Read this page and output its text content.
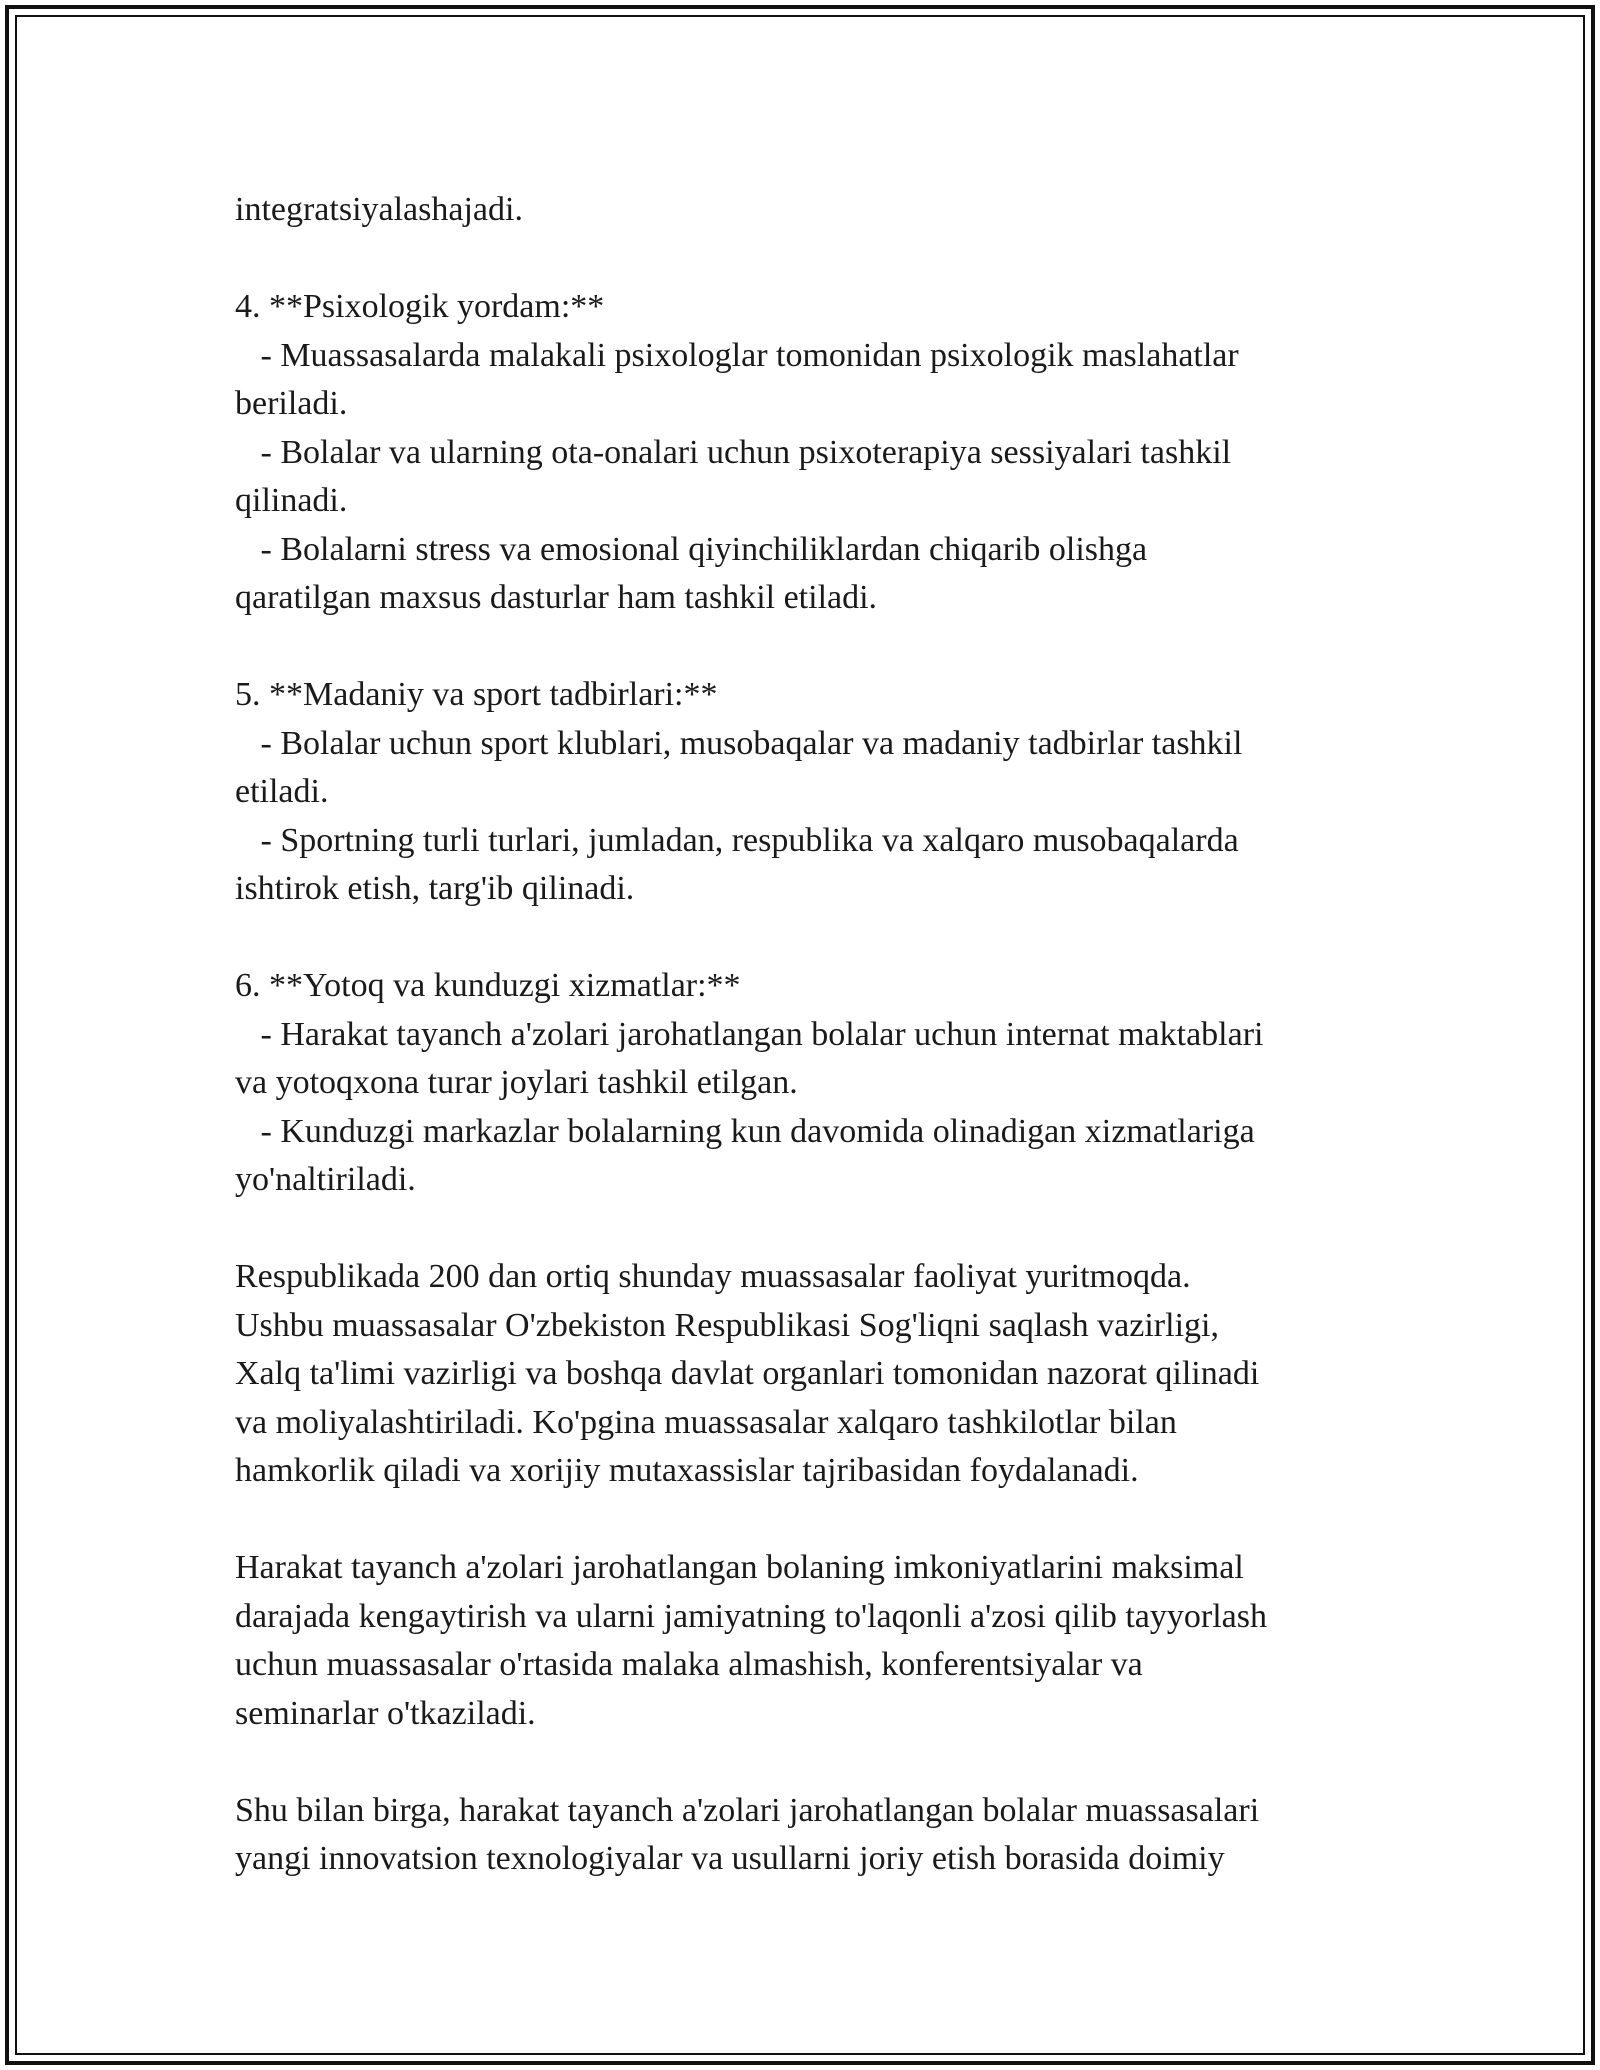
integratsiyalashajadi.
4. **Psixologik yordam:**
- Muassasalarda malakali psixologlar tomonidan psixologik maslahatlar
beriladi.
- Bolalar va ularning ota-onalari uchun psixoterapiya sessiyalari tashkil
qilinadi.
- Bolalarni stress va emosional qiyinchiliklardan chiqarib olishga
qaratilgan maxsus dasturlar ham tashkil etiladi.
5. **Madaniy va sport tadbirlari:**
- Bolalar uchun sport klublari, musobaqalar va madaniy tadbirlar tashkil
etiladi.
- Sportning turli turlari, jumladan, respublika va xalqaro musobaqalarda
ishtirok etish, targ'ib qilinadi.
6. **Yotoq va kunduzgi xizmatlar:**
- Harakat tayanch a'zolari jarohatlangan bolalar uchun internat maktablari
va yotoqxona turar joylari tashkil etilgan.
- Kunduzgi markazlar bolalarning kun davomida olinadigan xizmatlariga
yo'naltiriladi.
Respublikada 200 dan ortiq shunday muassasalar faoliyat yuritmoqda.
Ushbu muassasalar O'zbekiston Respublikasi Sog'liqni saqlash vazirligi,
Xalq ta'limi vazirligi va boshqa davlat organlari tomonidan nazorat qilinadi
va moliyalashtiriladi. Ko'pgina muassasalar xalqaro tashkilotlar bilan
hamkorlik qiladi va xorijiy mutaxassislar tajribasidan foydalanadi.
Harakat tayanch a'zolari jarohatlangan bolaning imkoniyatlarini maksimal
darajada kengaytirish va ularni jamiyatning to'laqonli a'zosi qilib tayyorlash
uchun muassasalar o'rtasida malaka almashish, konferentsiyalar va
seminarlar o'tkaziladi.
Shu bilan birga, harakat tayanch a'zolari jarohatlangan bolalar muassasalari
yangi innovatsion texnologiyalar va usullarni joriy etish borasida doimiy
